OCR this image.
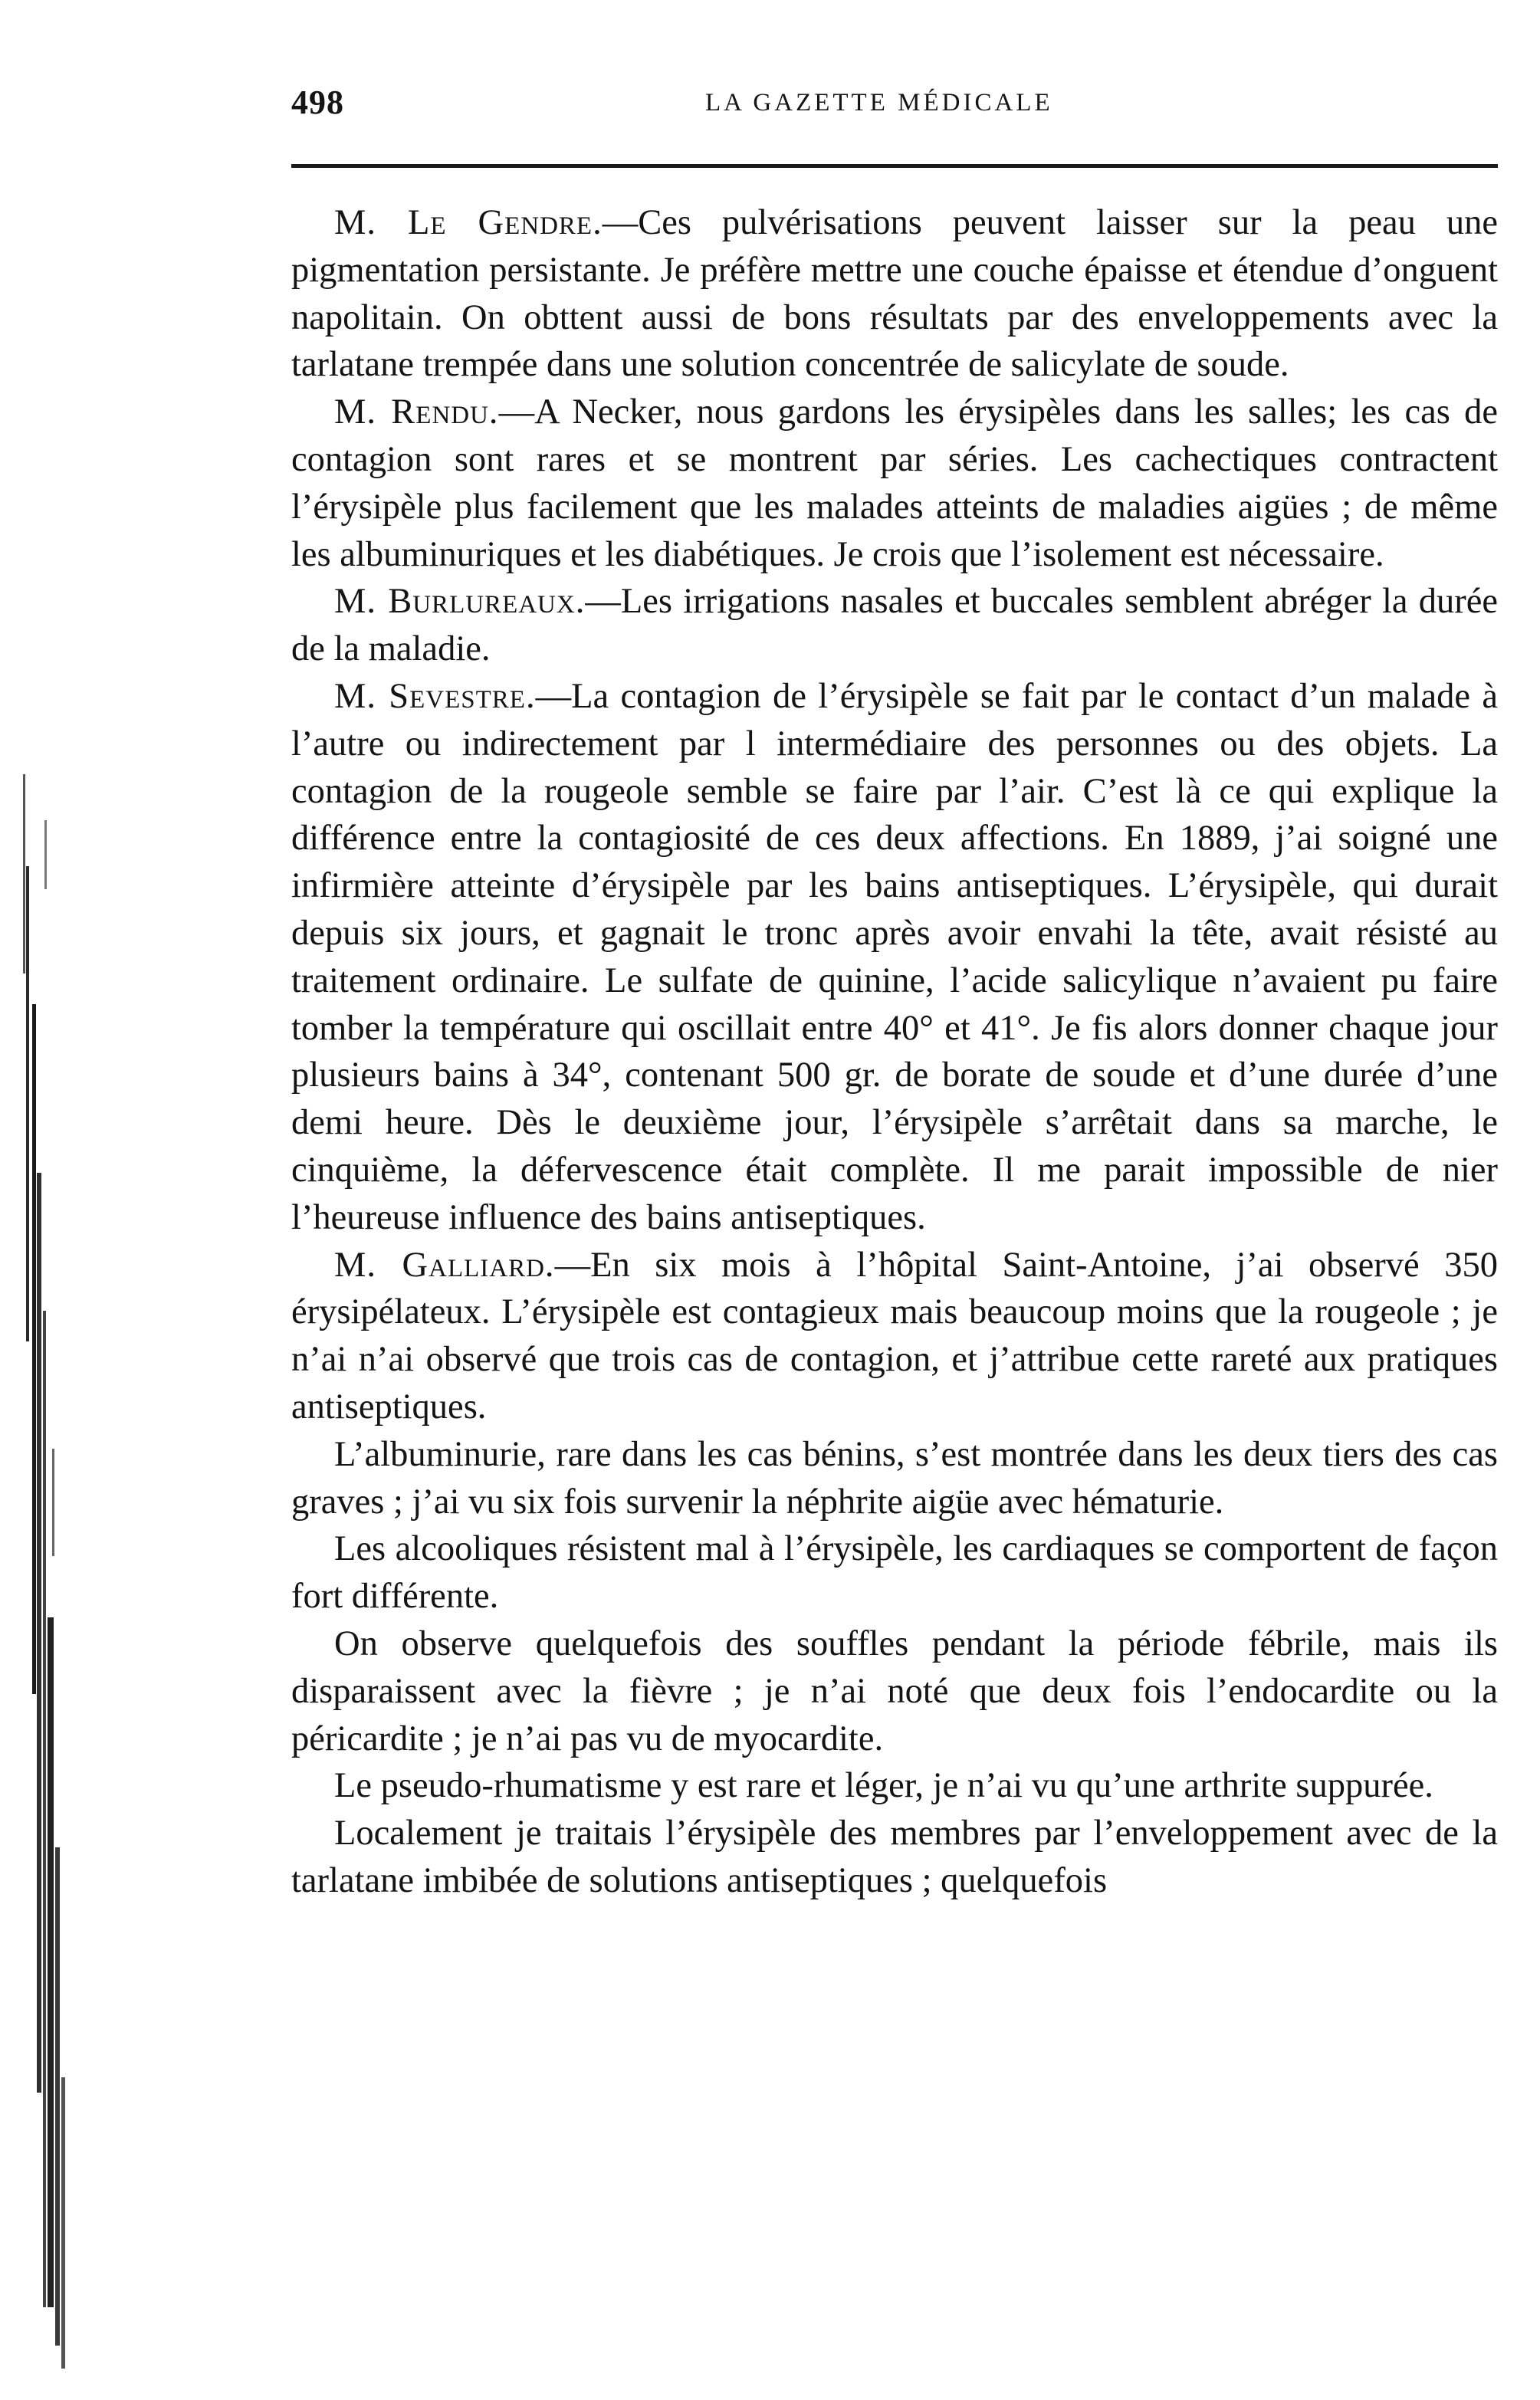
498	LA GAZETTE MÉDICALE

M. Le Gendre.—Ces pulvérisations peuvent laisser sur la peau une pigmentation persistante. Je préfère mettre une couche épaisse et étendue d’onguent napolitain. On obttent aussi de bons résultats par des enveloppements avec la tarlatane trempée dans une solution concentrée de salicylate de soude.

M. Rendu.—A Necker, nous gardons les érysipèles dans les salles; les cas de contagion sont rares et se montrent par séries. Les cachectiques contractent l’érysipèle plus facilement que les malades atteints de maladies aigües ; de même les albuminuriques et les diabétiques. Je crois que l’isolement est nécessaire.

M. Burlureaux.—Les irrigations nasales et buccales semblent abréger la durée de la maladie.

M. Sevestre.—La contagion de l’érysipèle se fait par le contact d’un malade à l’autre ou indirectement par l intermédiaire des personnes ou des objets. La contagion de la rougeole semble se faire par l’air. C’est là ce qui explique la différence entre la contagiosité de ces deux affections. En 1889, j’ai soigné une infirmière atteinte d’érysipèle par les bains antiseptiques. L’érysipèle, qui durait depuis six jours, et gagnait le tronc après avoir envahi la tête, avait résisté au traitement ordinaire. Le sulfate de quinine, l’acide salicylique n’avaient pu faire tomber la température qui oscillait entre 40° et 41°. Je fis alors donner chaque jour plusieurs bains à 34°, contenant 500 gr. de borate de soude et d’une durée d’une demi heure. Dès le deuxième jour, l’érysipèle s’arrêtait dans sa marche, le cinquième, la défervescence était complète. Il me parait impossible de nier l’heureuse influence des bains antiseptiques.

M. Galliard.—En six mois à l’hôpital Saint-Antoine, j’ai observé 350 érysipélateux. L’érysipèle est contagieux mais beaucoup moins que la rougeole ; je n’ai n’ai observé que trois cas de contagion, et j’attribue cette rareté aux pratiques antiseptiques.

L’albuminurie, rare dans les cas bénins, s’est montrée dans les deux tiers des cas graves ; j’ai vu six fois survenir la néphrite aigüe avec hématurie.

Les alcooliques résistent mal à l’érysipèle, les cardiaques se comportent de façon fort différente.

On observe quelquefois des souffles pendant la période fébrile, mais ils disparaissent avec la fièvre ; je n’ai noté que deux fois l’endocardite ou la péricardite ; je n’ai pas vu de myocardite.

Le pseudo-rhumatisme y est rare et léger, je n’ai vu qu’une arthrite suppurée.

Localement je traitais l’érysipèle des membres par l’enveloppement avec de la tarlatane imbibée de solutions antiseptiques ; quelquefois
